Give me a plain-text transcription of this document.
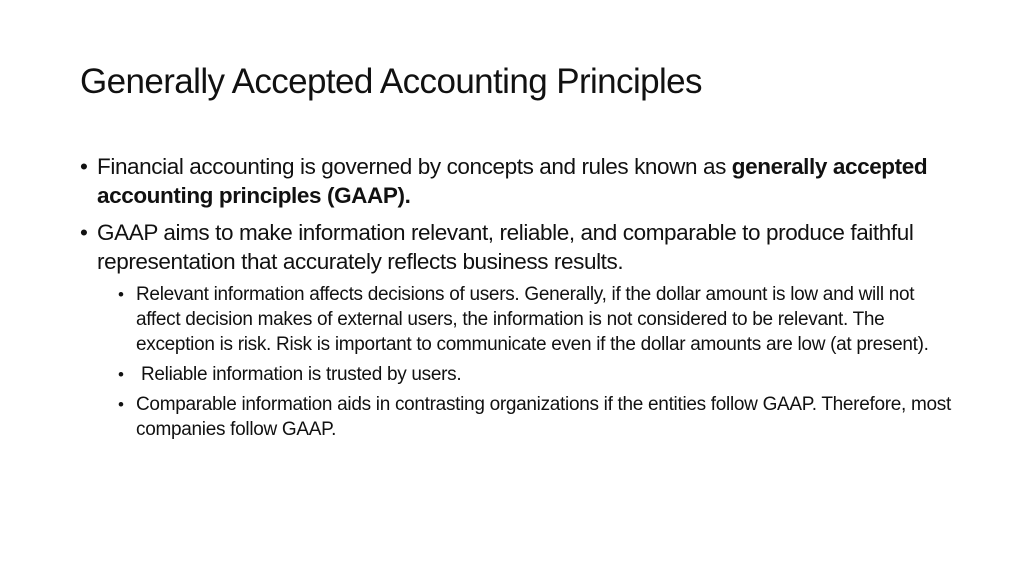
Generally Accepted Accounting Principles
• Financial accounting is governed by concepts and rules known as generally accepted accounting principles (GAAP).
• GAAP aims to make information relevant, reliable, and comparable to produce faithful representation that accurately reflects business results.
• Relevant information affects decisions of users. Generally, if the dollar amount is low and will not affect decision makes of external users, the information is not considered to be relevant. The exception is risk. Risk is important to communicate even if the dollar amounts are low (at present).
• Reliable information is trusted by users.
• Comparable information aids in contrasting organizations if the entities follow GAAP. Therefore, most companies follow GAAP.
